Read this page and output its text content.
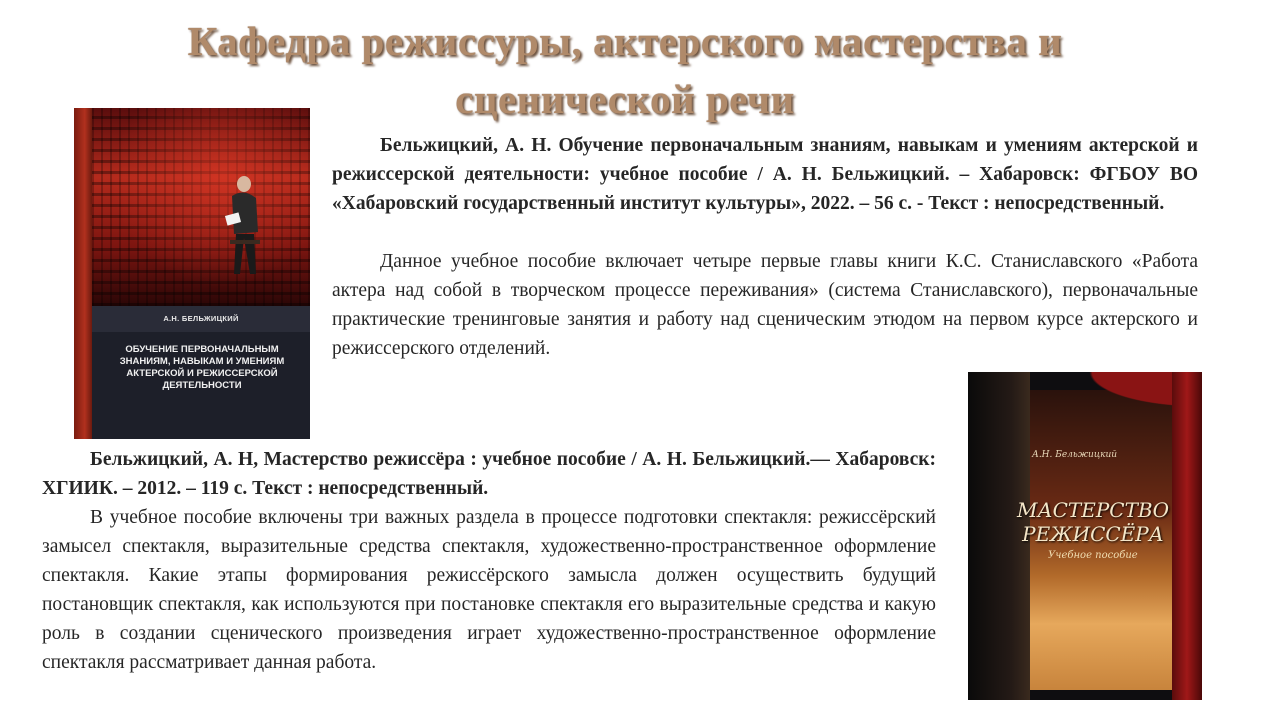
Кафедра режиссуры, актерского мастерства и сценической речи
А.Н. БЕЛЬЖИЦКИЙ
ОБУЧЕНИЕ ПЕРВОНАЧАЛЬНЫМ ЗНАНИЯМ, НАВЫКАМ И УМЕНИЯМ АКТЕРСКОЙ И РЕЖИССЕРСКОЙ ДЕЯТЕЛЬНОСТИ

Бельжицкий, А. Н. Обучение первоначальным знаниям, навыкам и умениям актерской и режиссерской деятельности: учебное пособие / А. Н. Бельжицкий. – Хабаровск: ФГБОУ ВО «Хабаровский государственный институт культуры», 2022. – 56 с. - Текст : непосредственный.

Данное учебное пособие включает четыре первые главы книги К.С. Станиславского «Работа актера над собой в творческом процессе переживания» (система Станиславского), первоначальные практические тренинговые занятия и работу над сценическим этюдом на первом курсе актерского и режиссерского отделений.

А.Н. Бельжицкий
МАСТЕРСТВО РЕЖИССЁРА
Учебное пособие

Бельжицкий, А. Н, Мастерство режиссёра : учебное пособие / А. Н. Бельжицкий.— Хабаровск: ХГИИК. – 2012. – 119 с. Текст : непосредственный.

В учебное пособие включены три важных раздела в процессе подготовки спектакля: режиссёрский замысел спектакля, выразительные средства спектакля, художественно-пространственное оформление спектакля. Какие этапы формирования режиссёрского замысла должен осуществить будущий постановщик спектакля, как используются при постановке спектакля его выразительные средства и какую роль в создании сценического произведения играет художественно-пространственное оформление спектакля рассматривает данная работа.
